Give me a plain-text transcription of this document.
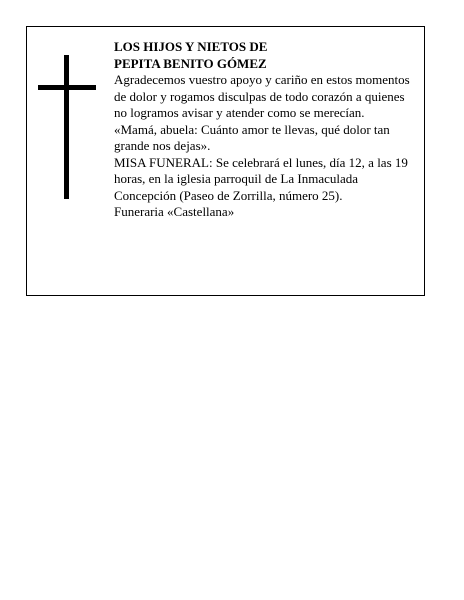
LOS HIJOS Y NIETOS DE
PEPITA BENITO GÓMEZ

Agradecemos vuestro apoyo y cariño en estos momentos de dolor y rogamos disculpas de todo corazón a quienes no logramos avisar y atender como se merecían.

«Mamá, abuela: Cuánto amor te llevas, qué dolor tan grande nos dejas».

MISA FUNERAL: Se celebrará el lunes, día 12, a las 19 horas, en la iglesia parroquil de La Inmaculada Concepción (Paseo de Zorrilla, número 25).

Funeraria «Castellana»
